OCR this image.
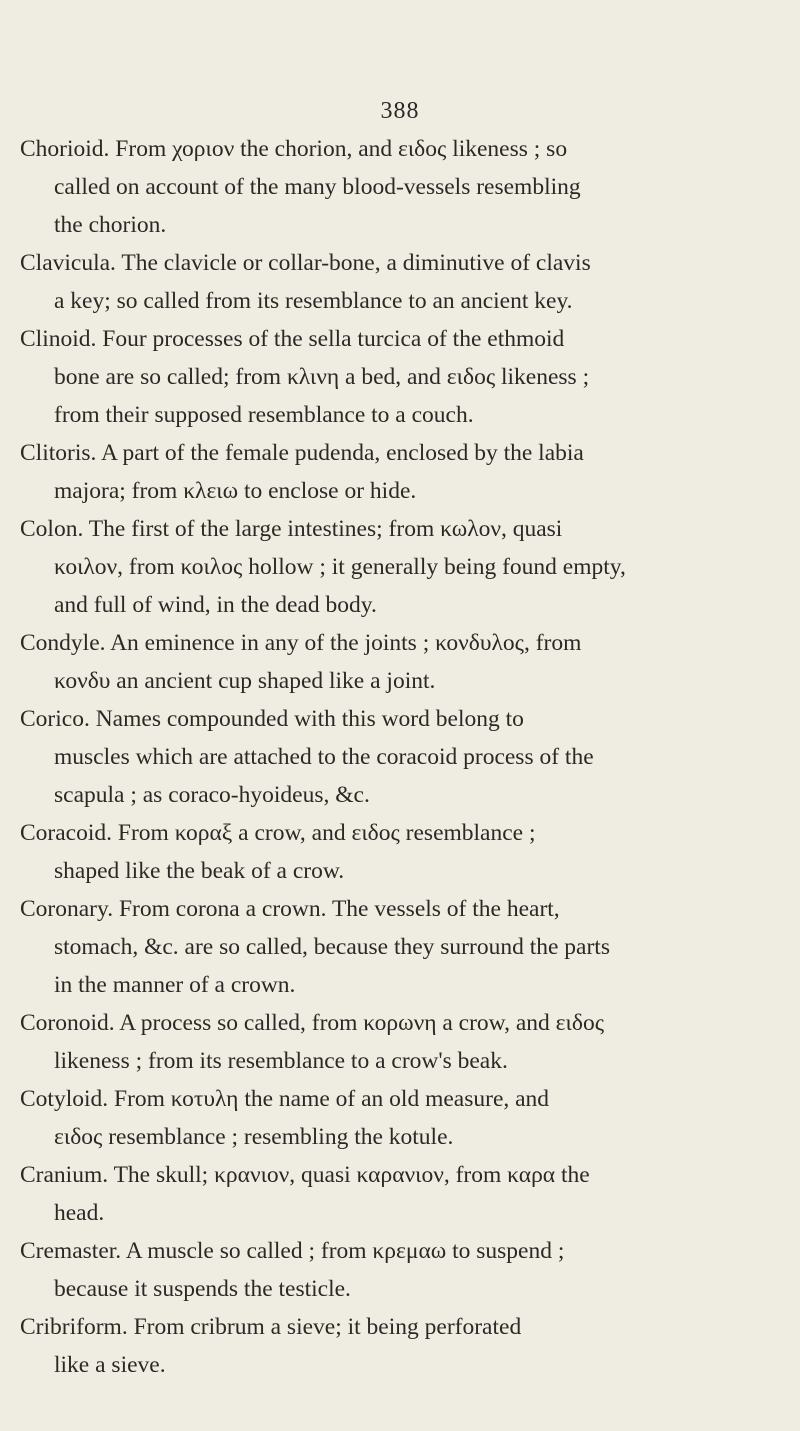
388
Chorioid. From χοριον the chorion, and ειδος likeness ; so
called on account of the many blood-vessels resembling
the chorion.
Clavicula. The clavicle or collar-bone, a diminutive of clavis
a key; so called from its resemblance to an ancient key.
Clinoid. Four processes of the sella turcica of the ethmoid
bone are so called; from κλινη a bed, and ειδος likeness ;
from their supposed resemblance to a couch.
Clitoris. A part of the female pudenda, enclosed by the labia
majora; from κλειω to enclose or hide.
Colon. The first of the large intestines; from κωλον, quasi
κοιλον, from κοιλος hollow ; it generally being found empty,
and full of wind, in the dead body.
Condyle. An eminence in any of the joints ; κονδυλος, from
κονδυ an ancient cup shaped like a joint.
Corico. Names compounded with this word belong to
muscles which are attached to the coracoid process of the
scapula ; as coraco-hyoideus, &c.
Coracoid. From κοραξ a crow, and ειδος resemblance ;
shaped like the beak of a crow.
Coronary. From corona a crown. The vessels of the heart,
stomach, &c. are so called, because they surround the parts
in the manner of a crown.
Coronoid. A process so called, from κορωνη a crow, and ειδος
likeness ; from its resemblance to a crow's beak.
Cotyloid. From κοτυλη the name of an old measure, and
ειδος resemblance ; resembling the kotule.
Cranium. The skull; κρανιον, quasi καρανιον, from καρα the
head.
Cremaster. A muscle so called ; from κρεμαω to suspend ;
because it suspends the testicle.
Cribriform. From cribrum a sieve; it being perforated
like a sieve.
